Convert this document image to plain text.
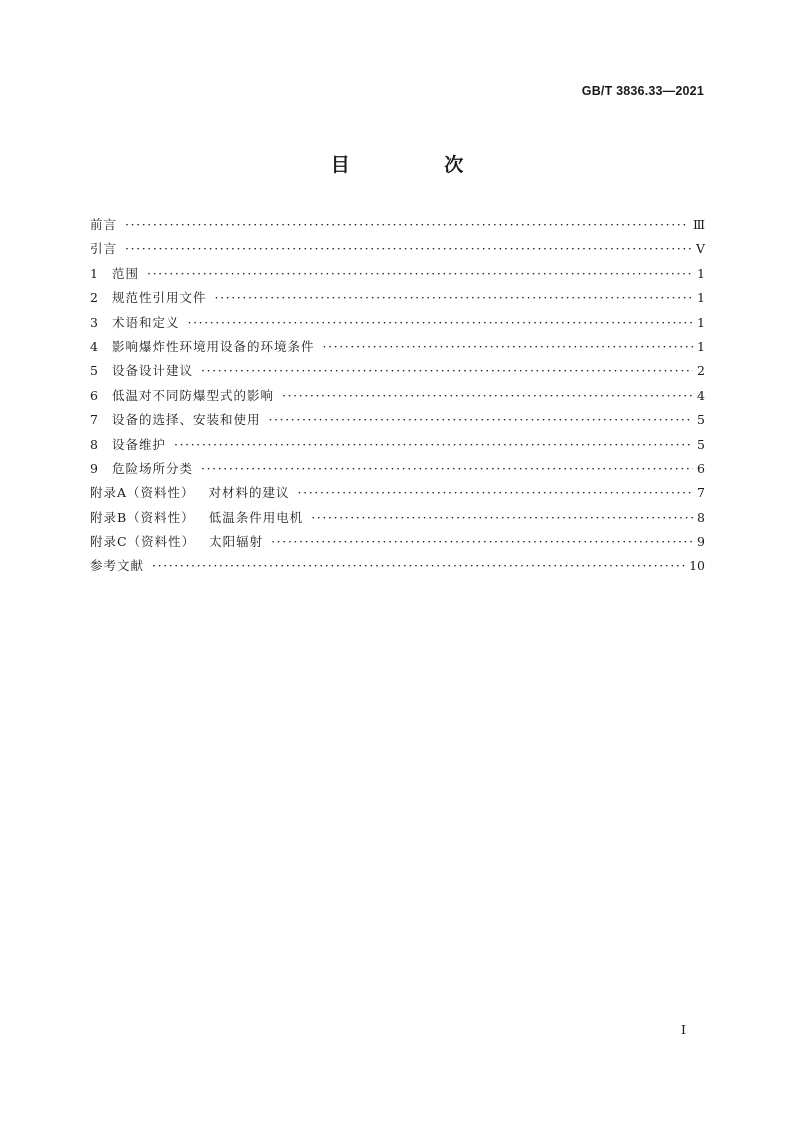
GB/T 3836.33—2021
目 次
前言 ·····	Ⅲ
引言 ·····	Ⅴ
1	范围 ·····	1
2	规范性引用文件 ·····	1
3	术语和定义 ·····	1
4	影响爆炸性环境用设备的环境条件 ·····	1
5	设备设计建议 ·····	2
6	低温对不同防爆型式的影响 ·····	4
7	设备的选择、安装和使用 ·····	5
8	设备维护 ·····	5
9	危险场所分类 ·····	6
附录A（资料性） 对材料的建议 ·····	7
附录B（资料性） 低温条件用电机 ·····	8
附录C（资料性） 太阳辐射 ·····	9
参考文献 ·····	10
Ⅰ
